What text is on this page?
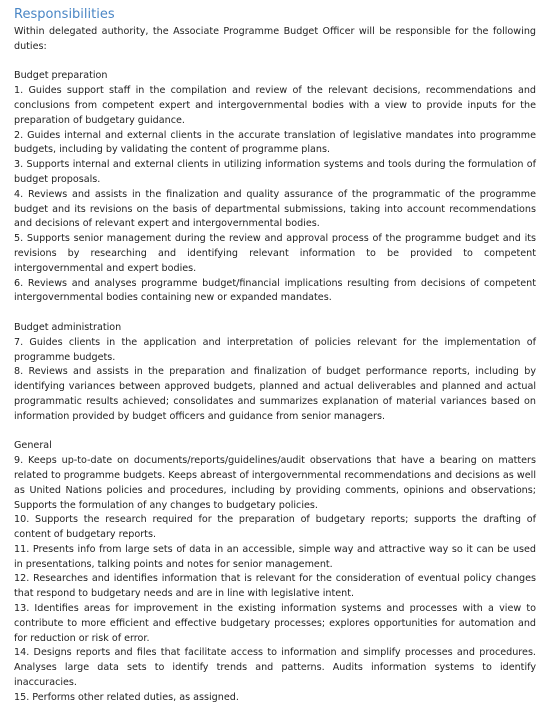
Responsibilities

Within delegated authority, the Associate Programme Budget Officer will be responsible for the following duties:

Budget preparation

1. Guides support staff in the compilation and review of the relevant decisions, recommendations and conclusions from competent expert and intergovernmental bodies with a view to provide inputs for the preparation of budgetary guidance.

2. Guides internal and external clients in the accurate translation of legislative mandates into programme budgets, including by validating the content of programme plans.

3. Supports internal and external clients in utilizing information systems and tools during the formulation of budget proposals.

4. Reviews and assists in the finalization and quality assurance of the programmatic of the programme budget and its revisions on the basis of departmental submissions, taking into account recommendations and decisions of relevant expert and intergovernmental bodies.

5. Supports senior management during the review and approval process of the programme budget and its revisions by researching and identifying relevant information to be provided to competent intergovernmental and expert bodies.

6. Reviews and analyses programme budget/financial implications resulting from decisions of competent intergovernmental bodies containing new or expanded mandates.

Budget administration

7. Guides clients in the application and interpretation of policies relevant for the implementation of programme budgets.

8. Reviews and assists in the preparation and finalization of budget performance reports, including by identifying variances between approved budgets, planned and actual deliverables and planned and actual programmatic results achieved; consolidates and summarizes explanation of material variances based on information provided by budget officers and guidance from senior managers.

General

9. Keeps up-to-date on documents/reports/guidelines/audit observations that have a bearing on matters related to programme budgets. Keeps abreast of intergovernmental recommendations and decisions as well as United Nations policies and procedures, including by providing comments, opinions and observations; Supports the formulation of any changes to budgetary policies.

10. Supports the research required for the preparation of budgetary reports; supports the drafting of content of budgetary reports.

11. Presents info from large sets of data in an accessible, simple way and attractive way so it can be used in presentations, talking points and notes for senior management.

12. Researches and identifies information that is relevant for the consideration of eventual policy changes that respond to budgetary needs and are in line with legislative intent.

13. Identifies areas for improvement in the existing information systems and processes with a view to contribute to more efficient and effective budgetary processes; explores opportunities for automation and for reduction or risk of error.

14. Designs reports and files that facilitate access to information and simplify processes and procedures. Analyses large data sets to identify trends and patterns. Audits information systems to identify inaccuracies.

15. Performs other related duties, as assigned.
